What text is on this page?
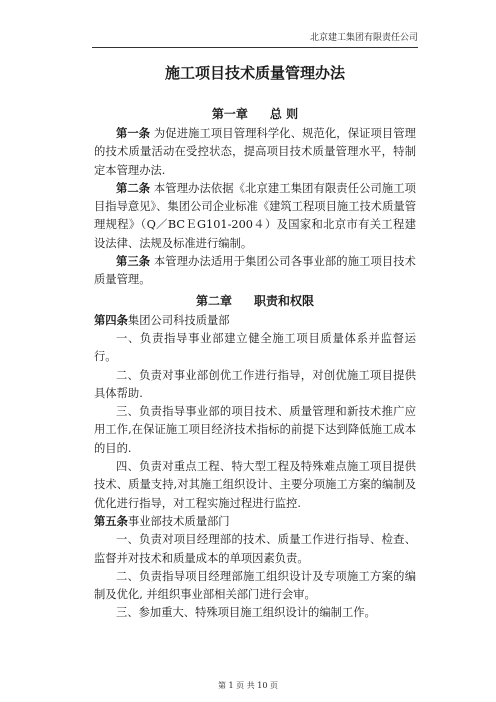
北京建工集团有限责任公司
施工项目技术质量管理办法
第一章 总 则

第一条 为促进施工项目管理科学化、规范化，保证项目管理的技术质量活动在受控状态，提高项目技术质量管理水平，特制定本管理办法.

第二条 本管理办法依据《北京建工集团有限责任公司施工项目指导意见》、集团公司企业标准《建筑工程项目施工技术质量管理规程》（Q／BCＥG101-200４）及国家和北京市有关工程建设法律、法规及标准进行编制。

第三条 本管理办法适用于集团公司各事业部的施工项目技术质量管理。

第二章 职责和权限

第四条集团公司科技质量部

一、负责指导事业部建立健全施工项目质量体系并监督运行。

二、负责对事业部创优工作进行指导，对创优施工项目提供具体帮助.

三、负责指导事业部的项目技术、质量管理和新技术推广应用工作,在保证施工项目经济技术指标的前提下达到降低施工成本的目的.

四、负责对重点工程、特大型工程及特殊难点施工项目提供技术、质量支持,对其施工组织设计、主要分项施工方案的编制及优化进行指导，对工程实施过程进行监控.

第五条事业部技术质量部门

一、负责对项目经理部的技术、质量工作进行指导、检查、监督并对技术和质量成本的单项因素负责。

二、负责指导项目经理部施工组织设计及专项施工方案的编制及优化, 并组织事业部相关部门进行会审。

三、参加重大、特殊项目施工组织设计的编制工作。

第 1 页 共 10 页
